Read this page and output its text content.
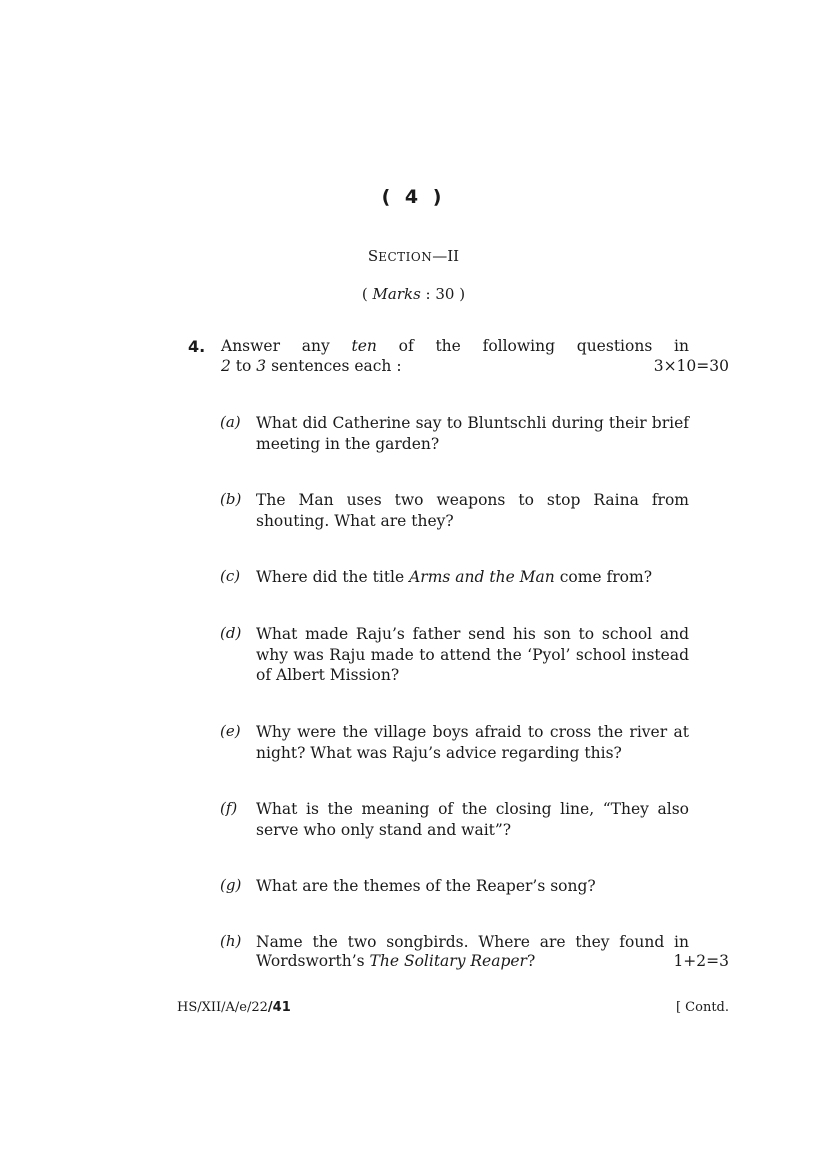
( 4 )
SECTION—II
( Marks : 30 )
4. Answer any ten of the following questions in
2 to 3 sentences each :	3×10=30
(a) What did Catherine say to Bluntschli during their brief meeting in the garden?
(b) The Man uses two weapons to stop Raina from shouting. What are they?
(c) Where did the title Arms and the Man come from?
(d) What made Raju’s father send his son to school and why was Raju made to attend the ‘Pyol’ school instead of Albert Mission?
(e) Why were the village boys afraid to cross the river at night? What was Raju’s advice regarding this?
(f) What is the meaning of the closing line, “They also serve who only stand and wait”?
(g) What are the themes of the Reaper’s song?
(h) Name the two songbirds. Where are they found in
Wordsworth’s The Solitary Reaper?	1+2=3
HS/XII/A/e/22/41	[ Contd.
